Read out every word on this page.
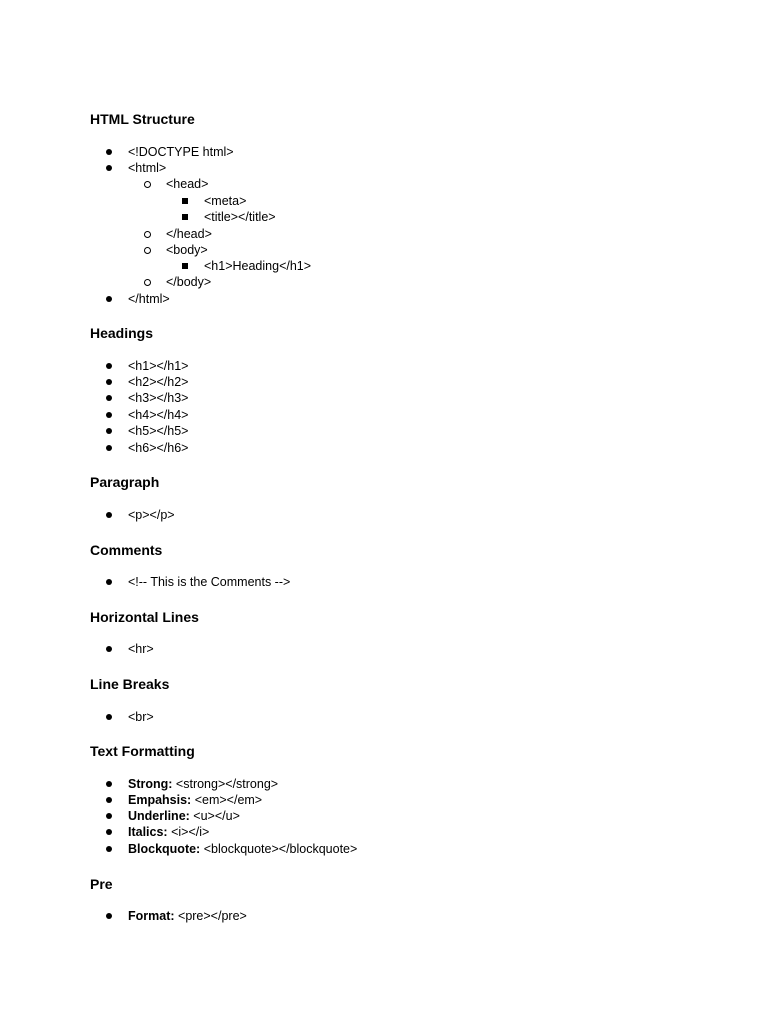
HTML Structure
<!DOCTYPE html>
<html>
<head>
<meta>
<title></title>
</head>
<body>
<h1>Heading</h1>
</body>
</html>
Headings
<h1></h1>
<h2></h2>
<h3></h3>
<h4></h4>
<h5></h5>
<h6></h6>
Paragraph
<p></p>
Comments
<!-- This is the Comments -->
Horizontal Lines
<hr>
Line Breaks
<br>
Text Formatting
Strong: <strong></strong>
Empahsis: <em></em>
Underline: <u></u>
Italics: <i></i>
Blockquote: <blockquote></blockquote>
Pre
Format: <pre></pre>
